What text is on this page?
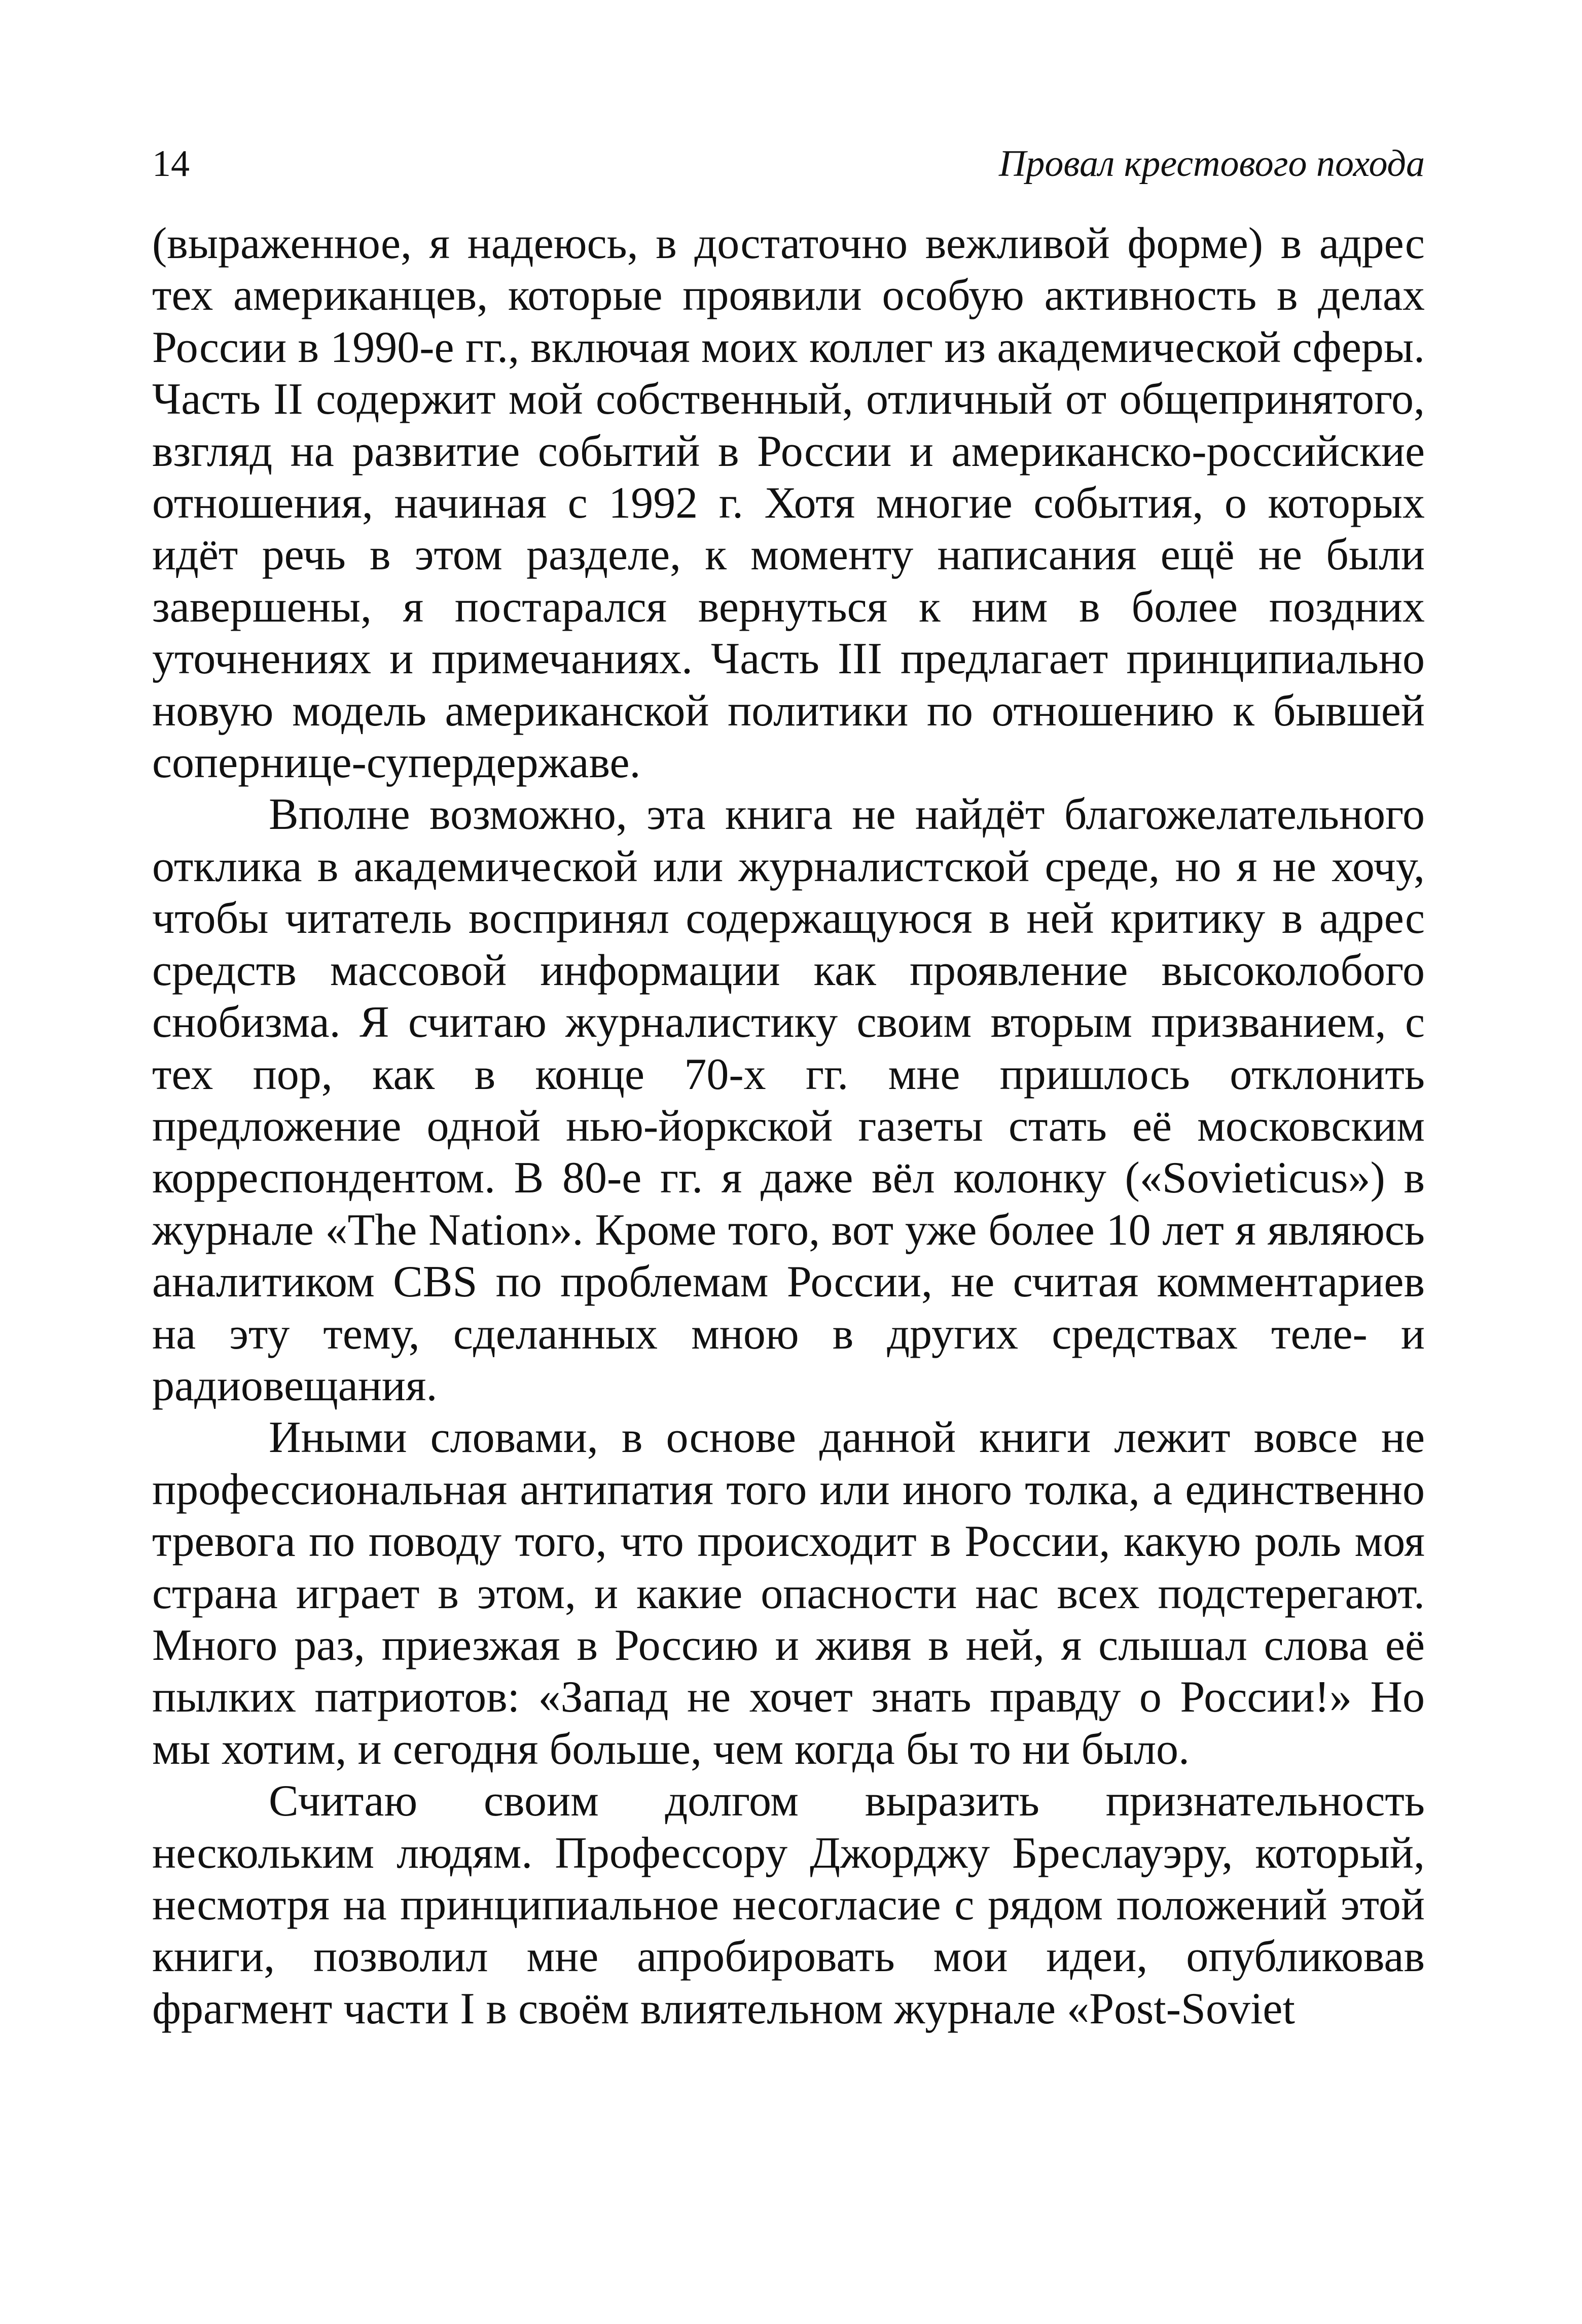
14	Провал крестового похода

(выраженное, я надеюсь, в достаточно вежливой форме) в адрес тех американцев, которые проявили особую активность в делах России в 1990-е гг., включая моих коллег из академической сферы. Часть II содержит мой собственный, отличный от общепринятого, взгляд на развитие событий в России и американско-российские отношения, начиная с 1992 г. Хотя многие события, о которых идёт речь в этом разделе, к моменту написания ещё не были завершены, я постарался вернуться к ним в более поздних уточнениях и примечаниях. Часть III предлагает принципиально новую модель американской политики по отношению к бывшей сопернице-супердержаве.

Вполне возможно, эта книга не найдёт благожелательного отклика в академической или журналистской среде, но я не хочу, чтобы читатель воспринял содержащуюся в ней критику в адрес средств массовой информации как проявление высоколобого снобизма. Я считаю журналистику своим вторым призванием, с тех пор, как в конце 70-х гг. мне пришлось отклонить предложение одной нью-йоркской газеты стать её московским корреспондентом. В 80-е гг. я даже вёл колонку («Sovieticus») в журнале «The Nation». Кроме того, вот уже более 10 лет я являюсь аналитиком CBS по проблемам России, не считая комментариев на эту тему, сделанных мною в других средствах теле- и радиовещания.

Иными словами, в основе данной книги лежит вовсе не профессиональная антипатия того или иного толка, а единственно тревога по поводу того, что происходит в России, какую роль моя страна играет в этом, и какие опасности нас всех подстерегают. Много раз, приезжая в Россию и живя в ней, я слышал слова её пылких патриотов: «Запад не хочет знать правду о России!» Но мы хотим, и сегодня больше, чем когда бы то ни было.

Считаю своим долгом выразить признательность нескольким людям. Профессору Джорджу Бреслауэру, который, несмотря на принципиальное несогласие с рядом положений этой книги, позволил мне апробировать мои идеи, опубликовав фрагмент части I в своём влиятельном журнале «Post-Soviet
